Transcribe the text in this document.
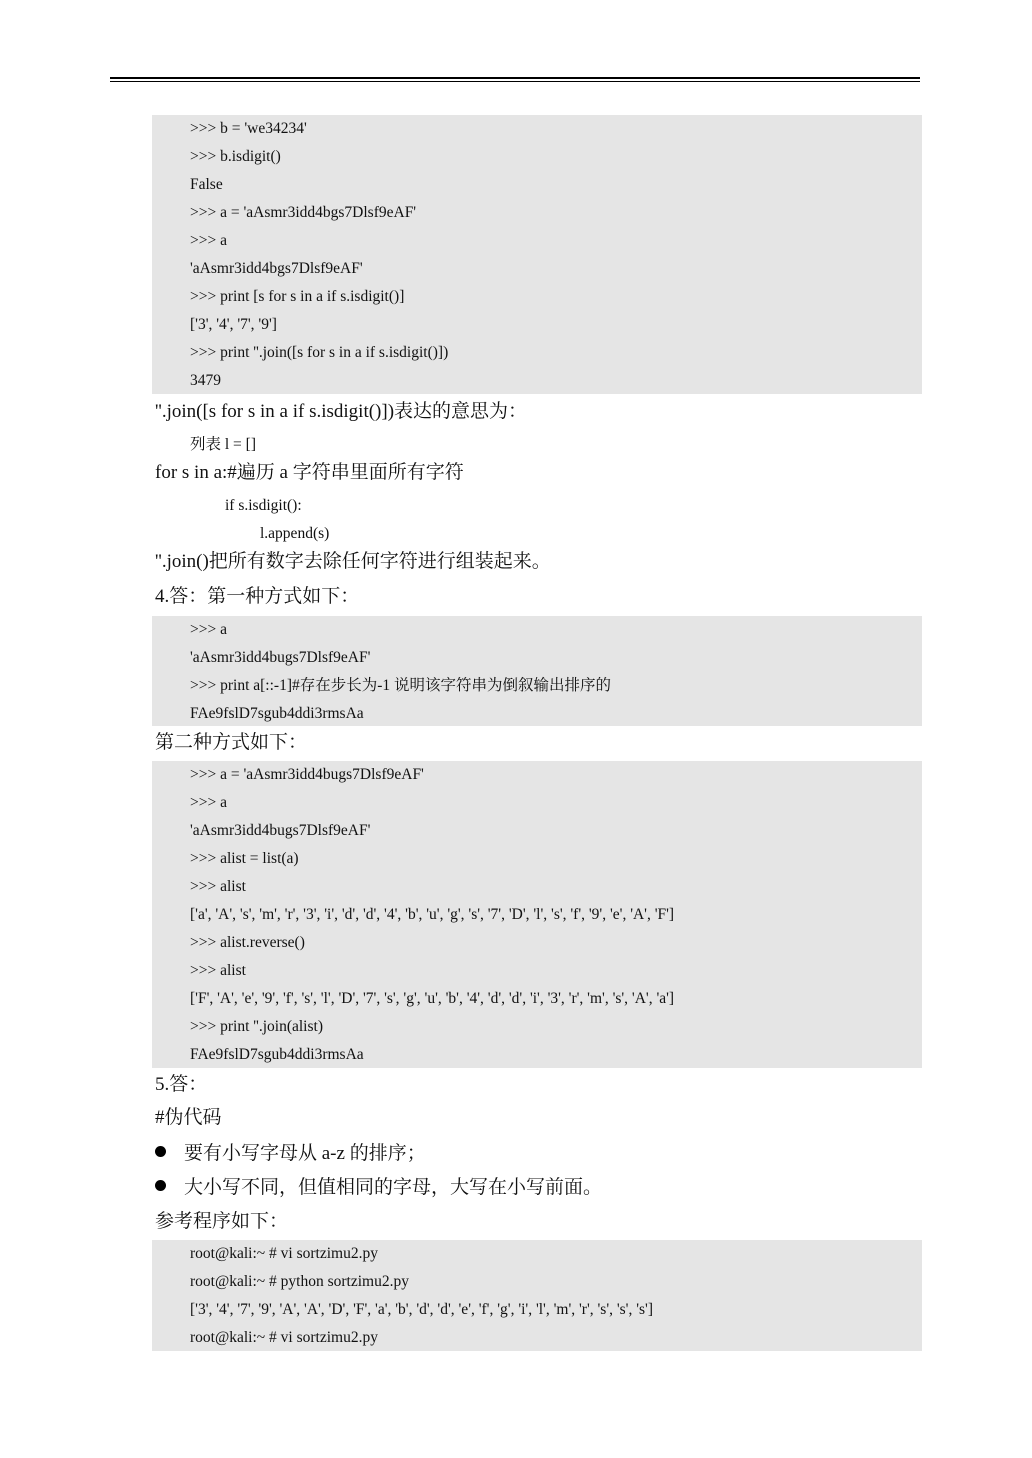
>>> b = 'we34234'
>>> b.isdigit()
False
>>> a = 'aAsmr3idd4bgs7Dlsf9eAF'
>>> a
'aAsmr3idd4bgs7Dlsf9eAF'
>>> print [s for s in a if s.isdigit()]
['3', '4', '7', '9']
>>> print ''.join([s for s in a if s.isdigit()])
3479
''.join([s for s in a if s.isdigit()])表达的意思为：
列表 l = []
for s in a:#遍历 a 字符串里面所有字符
if s.isdigit():
l.append(s)
''.join()把所有数字去除任何字符进行组装起来。
4.答：第一种方式如下：
>>> a
'aAsmr3idd4bugs7Dlsf9eAF'
>>> print a[::-1]#存在步长为-1 说明该字符串为倒叙输出排序的
FAe9fslD7sgub4ddi3rmsAa
第二种方式如下：
>>> a = 'aAsmr3idd4bugs7Dlsf9eAF'
>>> a
'aAsmr3idd4bugs7Dlsf9eAF'
>>> alist = list(a)
>>> alist
['a', 'A', 's', 'm', 'r', '3', 'i', 'd', 'd', '4', 'b', 'u', 'g', 's', '7', 'D', 'l', 's', 'f', '9', 'e', 'A', 'F']
>>> alist.reverse()
>>> alist
['F', 'A', 'e', '9', 'f', 's', 'l', 'D', '7', 's', 'g', 'u', 'b', '4', 'd', 'd', 'i', '3', 'r', 'm', 's', 'A', 'a']
>>> print ''.join(alist)
FAe9fslD7sgub4ddi3rmsAa
5.答：
#伪代码
要有小写字母从 a-z 的排序；
大小写不同，但值相同的字母，大写在小写前面。
参考程序如下：
root@kali:~ # vi sortzimu2.py
root@kali:~ # python sortzimu2.py
['3', '4', '7', '9', 'A', 'A', 'D', 'F', 'a', 'b', 'd', 'd', 'e', 'f', 'g', 'i', 'l', 'm', 'r', 's', 's', 's']
root@kali:~ # vi sortzimu2.py
